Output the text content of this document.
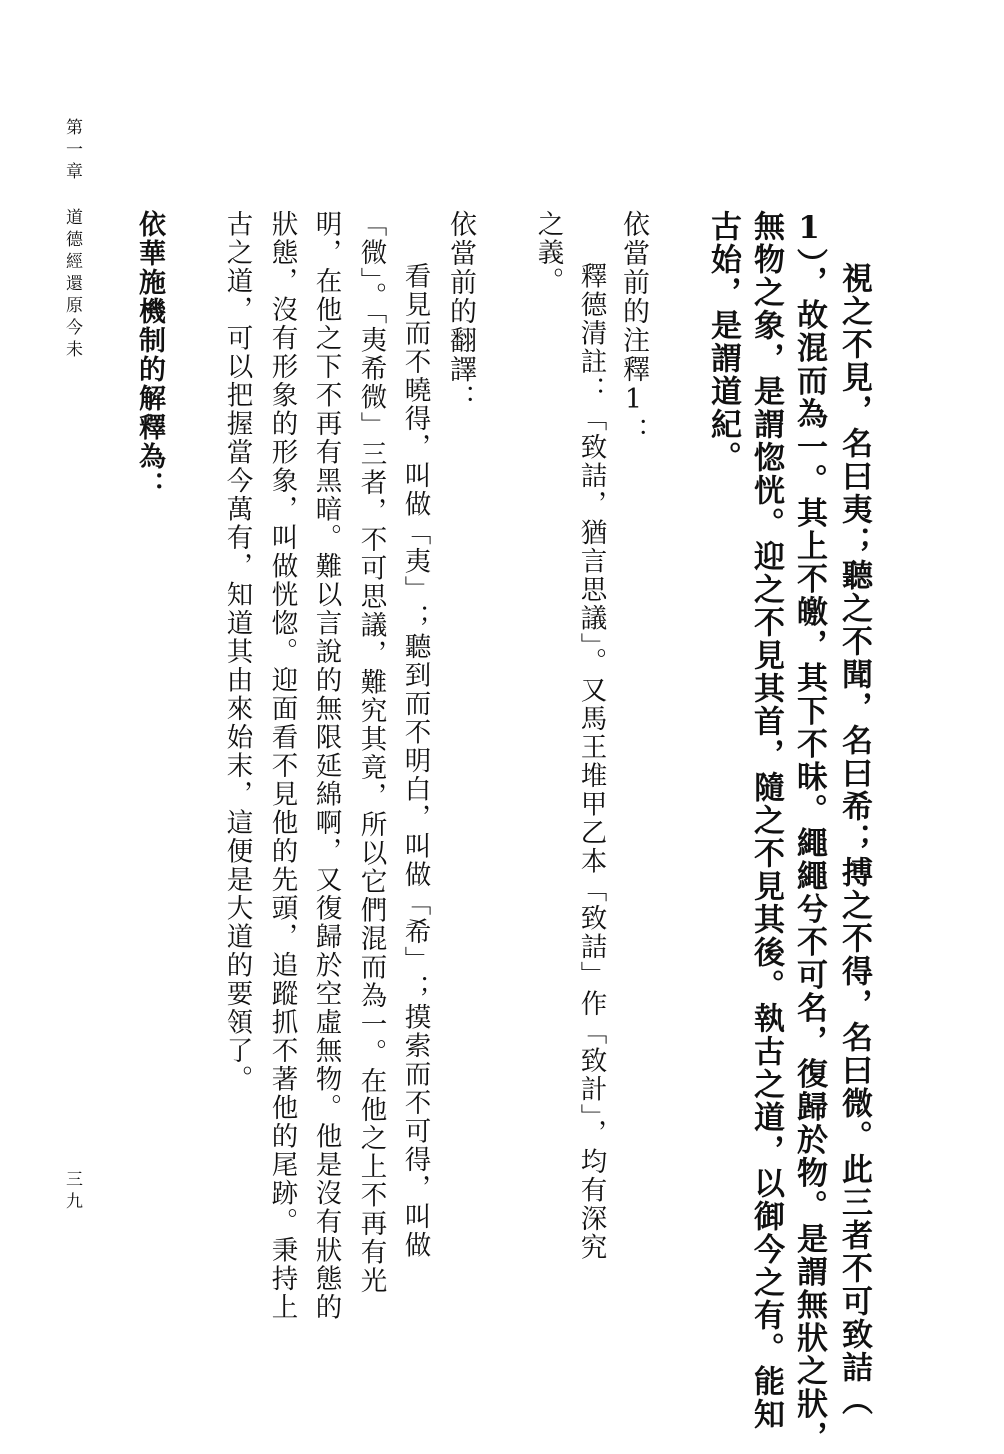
視之不見，名曰夷；聽之不聞，名曰希；搏之不得，名曰微。此三者不可致詰（

1），故混而為一。其上不皦，其下不昧。繩繩兮不可名，復歸於物。是謂無狀之狀，

無物之象，是謂惚恍。迎之不見其首，隨之不見其後。執古之道，以御今之有。能知

古始，是謂道紀。

依當前的注釋1：

釋德清註：「致詰，猶言思議」。又馬王堆甲乙本「致詰」作「致計」，均有深究

之義。

依當前的翻譯：

看見而不曉得，叫做「夷」；聽到而不明白，叫做「希」；摸索而不可得，叫做

「微」。「夷希微」三者，不可思議，難究其竟，所以它們混而為一。在他之上不再有光

明，在他之下不再有黑暗。難以言說的無限延綿啊，又復歸於空虛無物。他是沒有狀態的

狀態，沒有形象的形象，叫做恍惚。迎面看不見他的先頭，追蹤抓不著他的尾跡。秉持上

古之道，可以把握當今萬有，知道其由來始末，這便是大道的要領了。

依華施機制的解釋為：

第一章

道德經還原今未

三九
